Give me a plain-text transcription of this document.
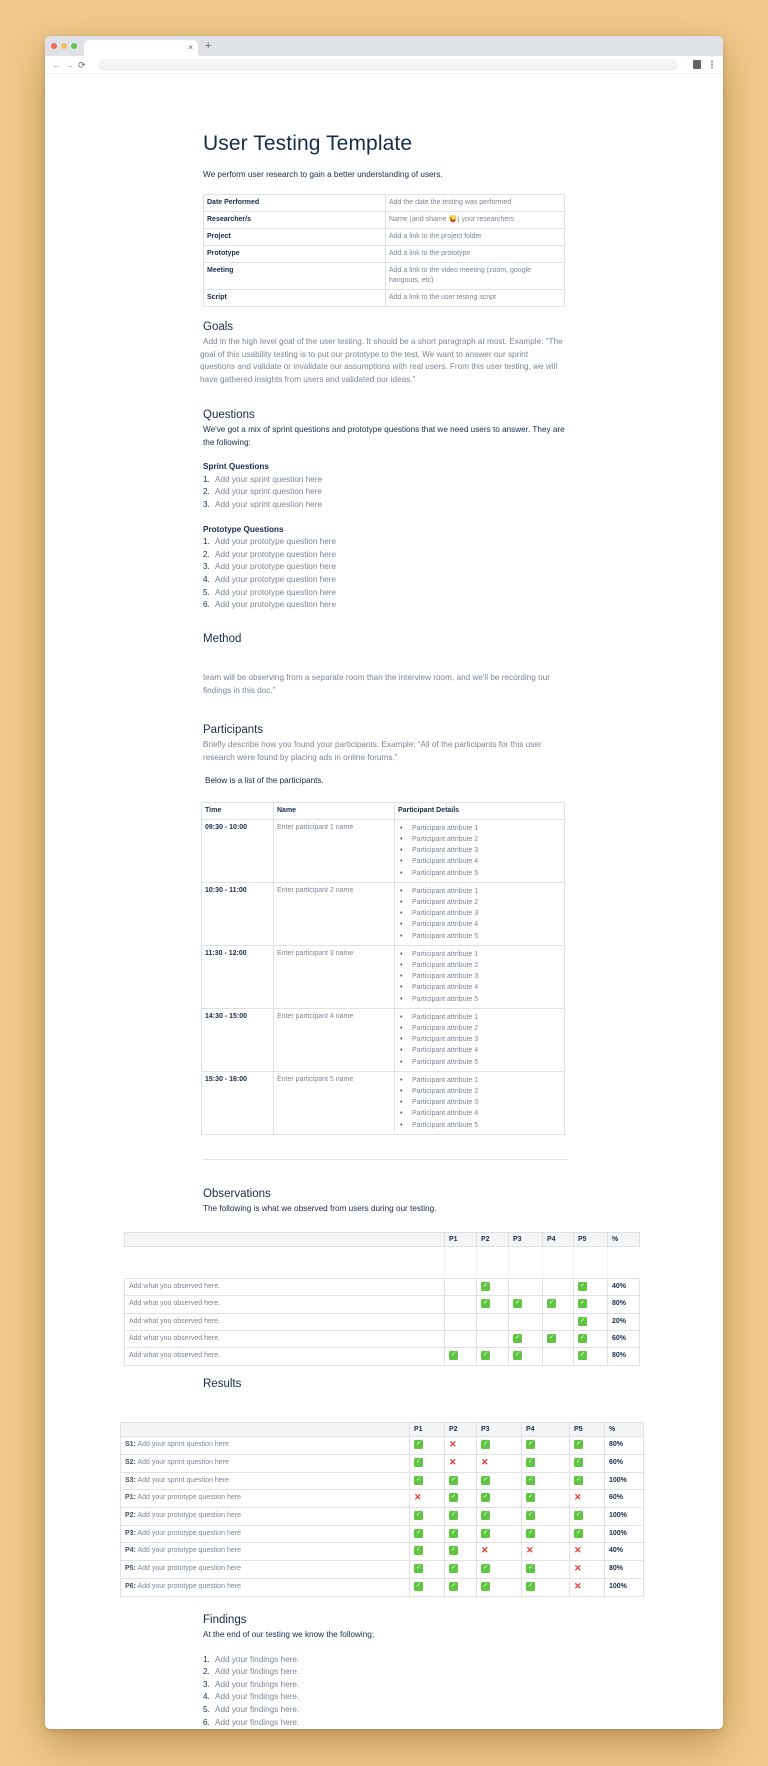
× +
← → ⟳
User Testing Template

We perform user research to gain a better understanding of users.

Date Performed	Add the date the testing was performed
Researcher/s	Name (and shame 😜) your researchers
Project	Add a link to the project folder
Prototype	Add a link to the prototype
Meeting	Add a link to the video meeting (zoom, google hangouts, etc)
Script	Add a link to the user testing script
Goals

Add in the high level goal of the user testing. It should be a short paragraph at most. Example: “The goal of this usability testing is to put our prototype to the test. We want to answer our sprint questions and validate or invalidate our assumptions with real users. From this user testing, we will have gathered insights from users and validated our ideas.”

Questions

We've got a mix of sprint questions and prototype questions that we need users to answer. They are the following:

Sprint Questions

1. Add your sprint question here
2. Add your sprint question here
3. Add your sprint question here

Prototype Questions

1. Add your prototype question here
2. Add your prototype question here
3. Add your prototype question here
4. Add your prototype question here
5. Add your prototype question here
6. Add your prototype question here
Method

team will be observing from a separate room than the interview room, and we'll be recording our findings in this doc.”

Participants

Briefly describe how you found your participants. Example: “All of the participants for this user research were found by placing ads in online forums.”

Below is a list of the participants.

Time	Name	Participant Details
09:30 - 10:00	Enter participant 1 name	•	Participant attribute 1
•	Participant attribute 2
•	Participant attribute 3
•	Participant attribute 4
•	Participant attribute 5

10:30 - 11:00	Enter participant 2 name	•	Participant attribute 1
•	Participant attribute 2
•	Participant attribute 3
•	Participant attribute 4
•	Participant attribute 5

11:30 - 12:00	Enter participant 3 name	•	Participant attribute 1
•	Participant attribute 2
•	Participant attribute 3
•	Participant attribute 4
•	Participant attribute 5

14:30 - 15:00	Enter participant 4 name	•	Participant attribute 1
•	Participant attribute 2
•	Participant attribute 3
•	Participant attribute 4
•	Participant attribute 5

15:30 - 16:00	Enter participant 5 name	•	Participant attribute 1
•	Participant attribute 2
•	Participant attribute 3
•	Participant attribute 4
•	Participant attribute 5
Observations

The following is what we observed from users during our testing.

	P1	P2	P3	P4	P5	%

Add what you observed here.		✓			✓	40%
Add what you observed here.		✓	✓	✓	✓	80%
Add what you observed here.					✓	20%
Add what you observed here.			✓	✓	✓	60%
Add what you observed here.	✓	✓	✓		✓	80%
Results
	P1	P2	P3	P4	P5	%
S1: Add your sprint question here	✓	✕	✓	✓	✓	80%
S2: Add your sprint question here	✓	✕	✕	✓	✓	60%
S3: Add your sprint question here	✓	✓	✓	✓	✓	100%
P1: Add your prototype question here	✕	✓	✓	✓	✕	60%
P2: Add your prototype question here	✓	✓	✓	✓	✓	100%
P3: Add your prototype question here	✓	✓	✓	✓	✓	100%
P4: Add your prototype question here	✓	✓	✕	✕	✕	40%
P5: Add your prototype question here	✓	✓	✓	✓	✕	80%
P6: Add your prototype question here	✓	✓	✓	✓	✕	100%
Findings

At the end of our testing we know the following;

1. Add your findings here.
2. Add your findings here.
3. Add your findings here.
4. Add your findings here.
5. Add your findings here.
6. Add your findings here.
